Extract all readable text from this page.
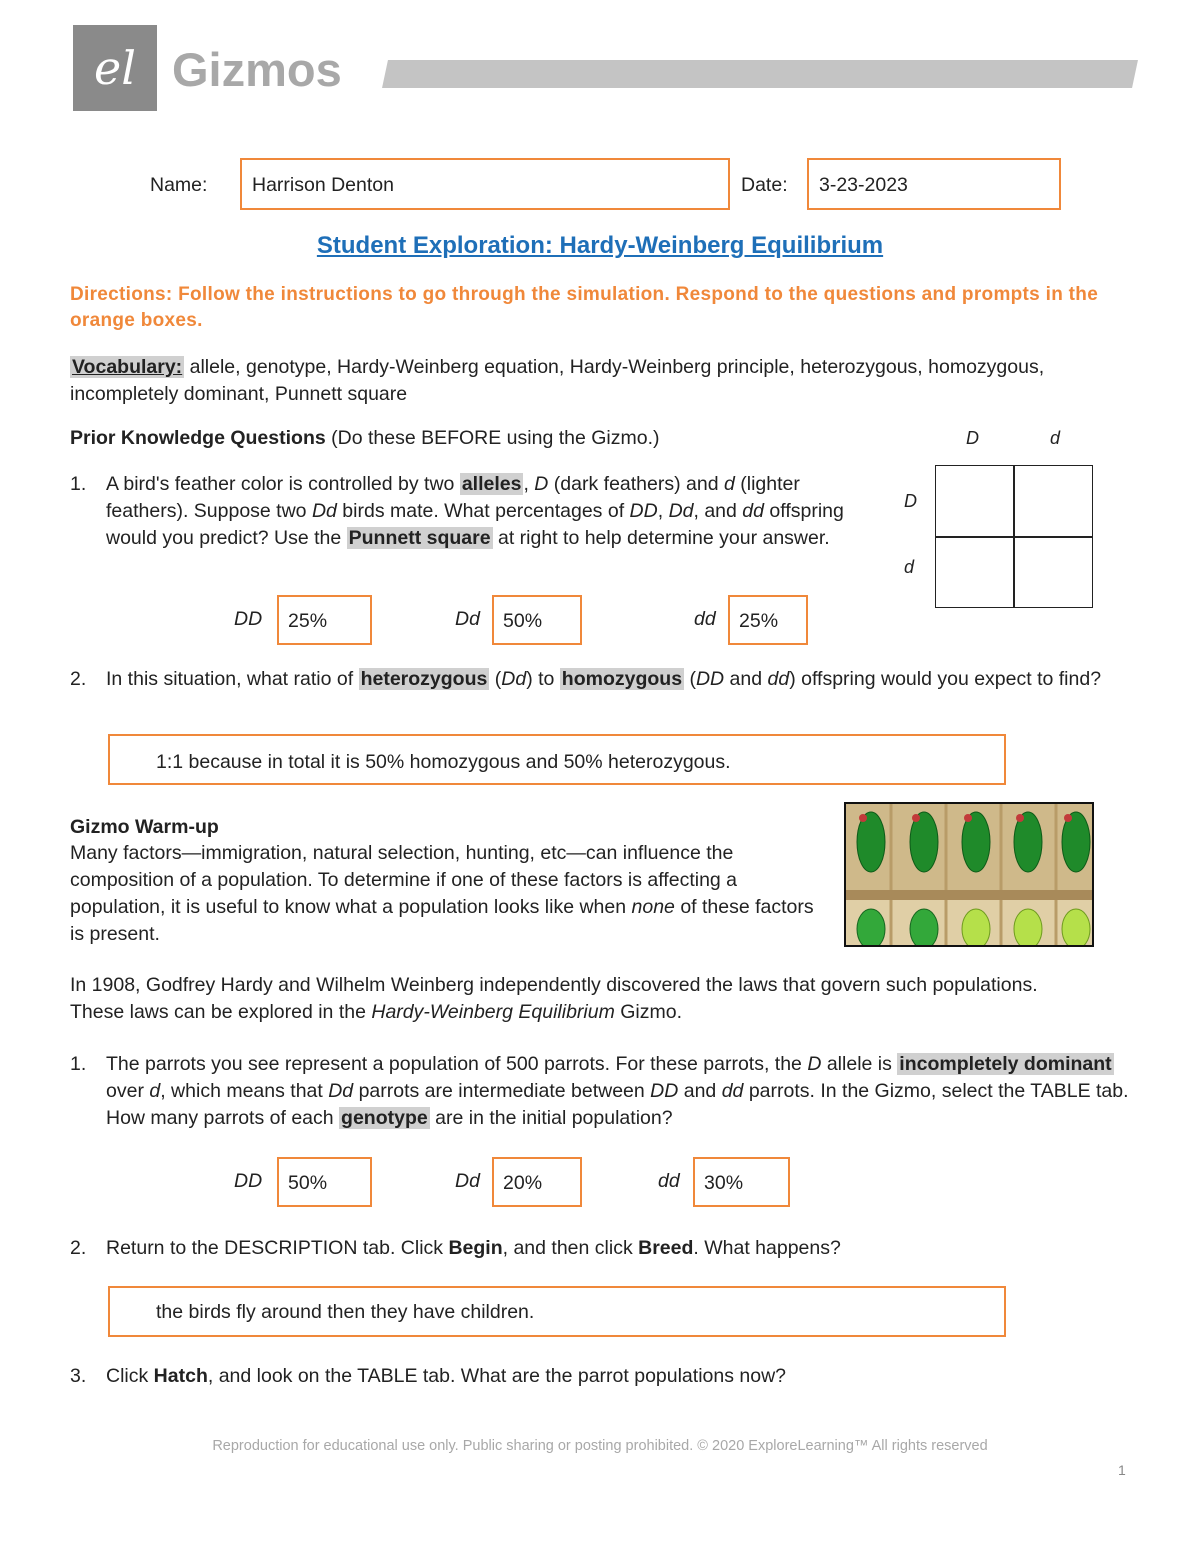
el Gizmos
Name: Harrison Denton	Date: 3-23-2023
Student Exploration: Hardy-Weinberg Equilibrium
Directions: Follow the instructions to go through the simulation. Respond to the questions and prompts in the orange boxes.
Vocabulary: allele, genotype, Hardy-Weinberg equation, Hardy-Weinberg principle, heterozygous, homozygous, incompletely dominant, Punnett square
Prior Knowledge Questions (Do these BEFORE using the Gizmo.)
1. A bird's feather color is controlled by two alleles , D (dark feathers) and d (lighter feathers). Suppose two Dd birds mate. What percentages of DD, Dd, and dd offspring would you predict? Use the Punnett square at right to help determine your answer.
D	d
D
d
DD 25%	Dd 50%	dd 25%
2. In this situation, what ratio of heterozygous (Dd) to homozygous (DD and dd) offspring would you expect to find?
1:1 because in total it is 50% homozygous and 50% heterozygous.
Gizmo Warm-up
Many factors—immigration, natural selection, hunting, etc—can influence the composition of a population. To determine if one of these factors is affecting a population, it is useful to know what a population looks like when none of these factors is present.
In 1908, Godfrey Hardy and Wilhelm Weinberg independently discovered the laws that govern such populations. These laws can be explored in the Hardy-Weinberg Equilibrium Gizmo.
1. The parrots you see represent a population of 500 parrots. For these parrots, the D allele is incompletely dominant over d, which means that Dd parrots are intermediate between DD and dd parrots. In the Gizmo, select the TABLE tab. How many parrots of each genotype are in the initial population?
DD 50%	Dd 20%	dd 30%
2. Return to the DESCRIPTION tab. Click Begin, and then click Breed. What happens?
the birds fly around then they have children.
3. Click Hatch, and look on the TABLE tab. What are the parrot populations now?
Reproduction for educational use only. Public sharing or posting prohibited. © 2020 ExploreLearning™ All rights reserved
1
